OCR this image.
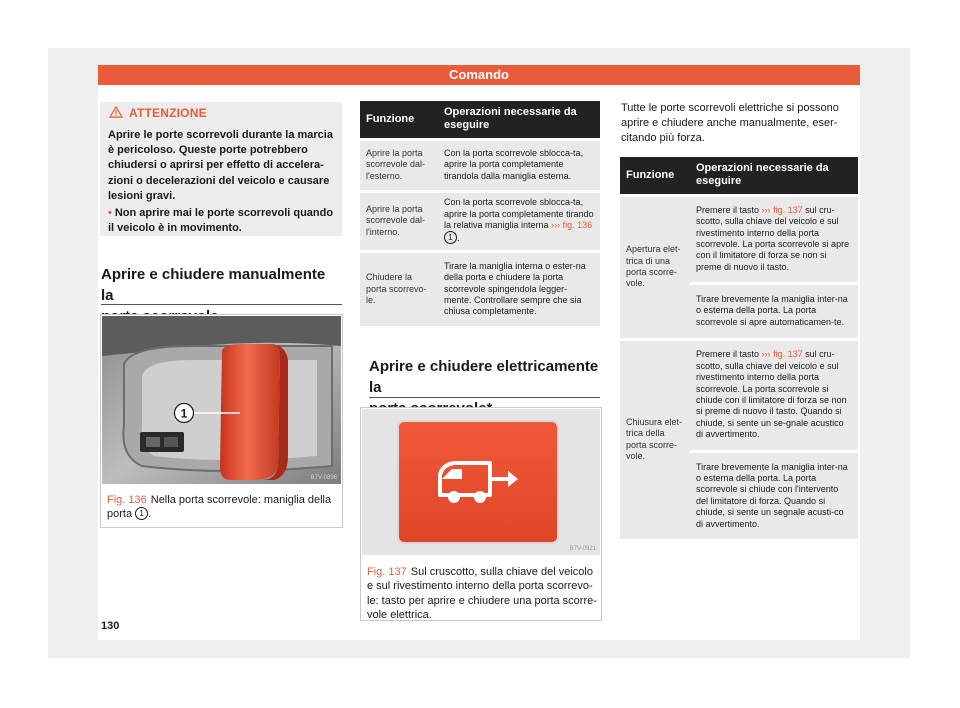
Comando
ATTENZIONE
Aprire le porte scorrevoli durante la marcia è pericoloso. Queste porte potrebbero chiudersi o aprirsi per effetto di accelera-zioni o decelerazioni del veicolo e causare lesioni gravi.
• Non aprire mai le porte scorrevoli quando il veicolo è in movimento.
Aprire e chiudere manualmente la
1
B7V-0896
Fig. 136 Nella porta scorrevole: maniglia della
porta 1 .
Funzione	Operazioni necessarie da eseguire
Aprire la porta scorrevole dal-l'esterno.	Con la porta scorrevole sblocca-ta, aprire la porta completamente tirandola dalla maniglia esterna.
Aprire la porta scorrevole dal-l'interno.	Con la porta scorrevole sblocca-ta, aprire la porta completamente tirando la relativa maniglia interna ››› fig. 136 1 .
Chiudere la porta scorrevo-le.	Tirare la maniglia interna o ester-na della porta e chiudere la porta scorrevole spingendola legger-mente. Controllare sempre che sia chiusa completamente.
Aprire e chiudere elettricamente la
B7V-0921
Fig. 137 Sul cruscotto, sulla chiave del veicolo e sul rivestimento interno della porta scorrevo-le: tasto per aprire e chiudere una porta scorre-vole elettrica.
Tutte le porte scorrevoli elettriche si possono aprire e chiudere anche manualmente, eser-citando più forza.
Funzione	Operazioni necessarie da eseguire
Apertura elet-trica di una porta scorre-vole.	Premere il tasto ››› fig. 137 sul cru-scotto, sulla chiave del veicolo e sul rivestimento interno della porta scorrevole. La porta scorrevole si apre con il limitatore di forza se non si preme di nuovo il tasto.
	Tirare brevemente la maniglia inter-na o esterna della porta. La porta scorrevole si apre automaticamen-te.
Chiusura elet-trica della porta scorre-vole.	Premere il tasto ››› fig. 137 sul cru-scotto, sulla chiave del veicolo e sul rivestimento interno della porta scorrevole. La porta scorrevole si chiude con il limitatore di forza se non si preme di nuovo il tasto. Quando si chiude, si sente un se-gnale acustico di avvertimento.
	Tirare brevemente la maniglia inter-na o esterna della porta. La porta scorrevole si chiude con l'intervento del limitatore di forza. Quando si chiude, si sente un segnale acusti-co di avvertimento.
130
